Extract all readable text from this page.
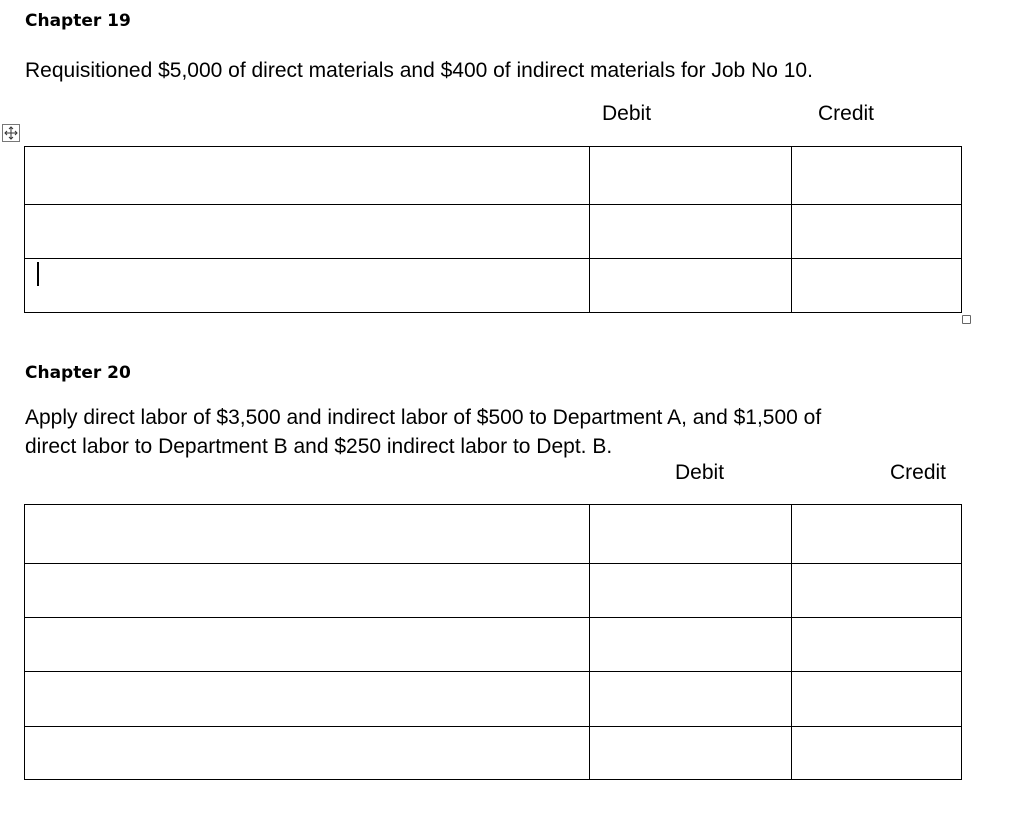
Chapter 19
Requisitioned $5,000 of direct materials and $400 of indirect materials for Job No 10.
Debit	Credit

Chapter 20
Apply direct labor of $3,500 and indirect labor of $500 to Department A, and $1,500 of
direct labor to Department B and $250 indirect labor to Dept. B.
Debit	Credit
